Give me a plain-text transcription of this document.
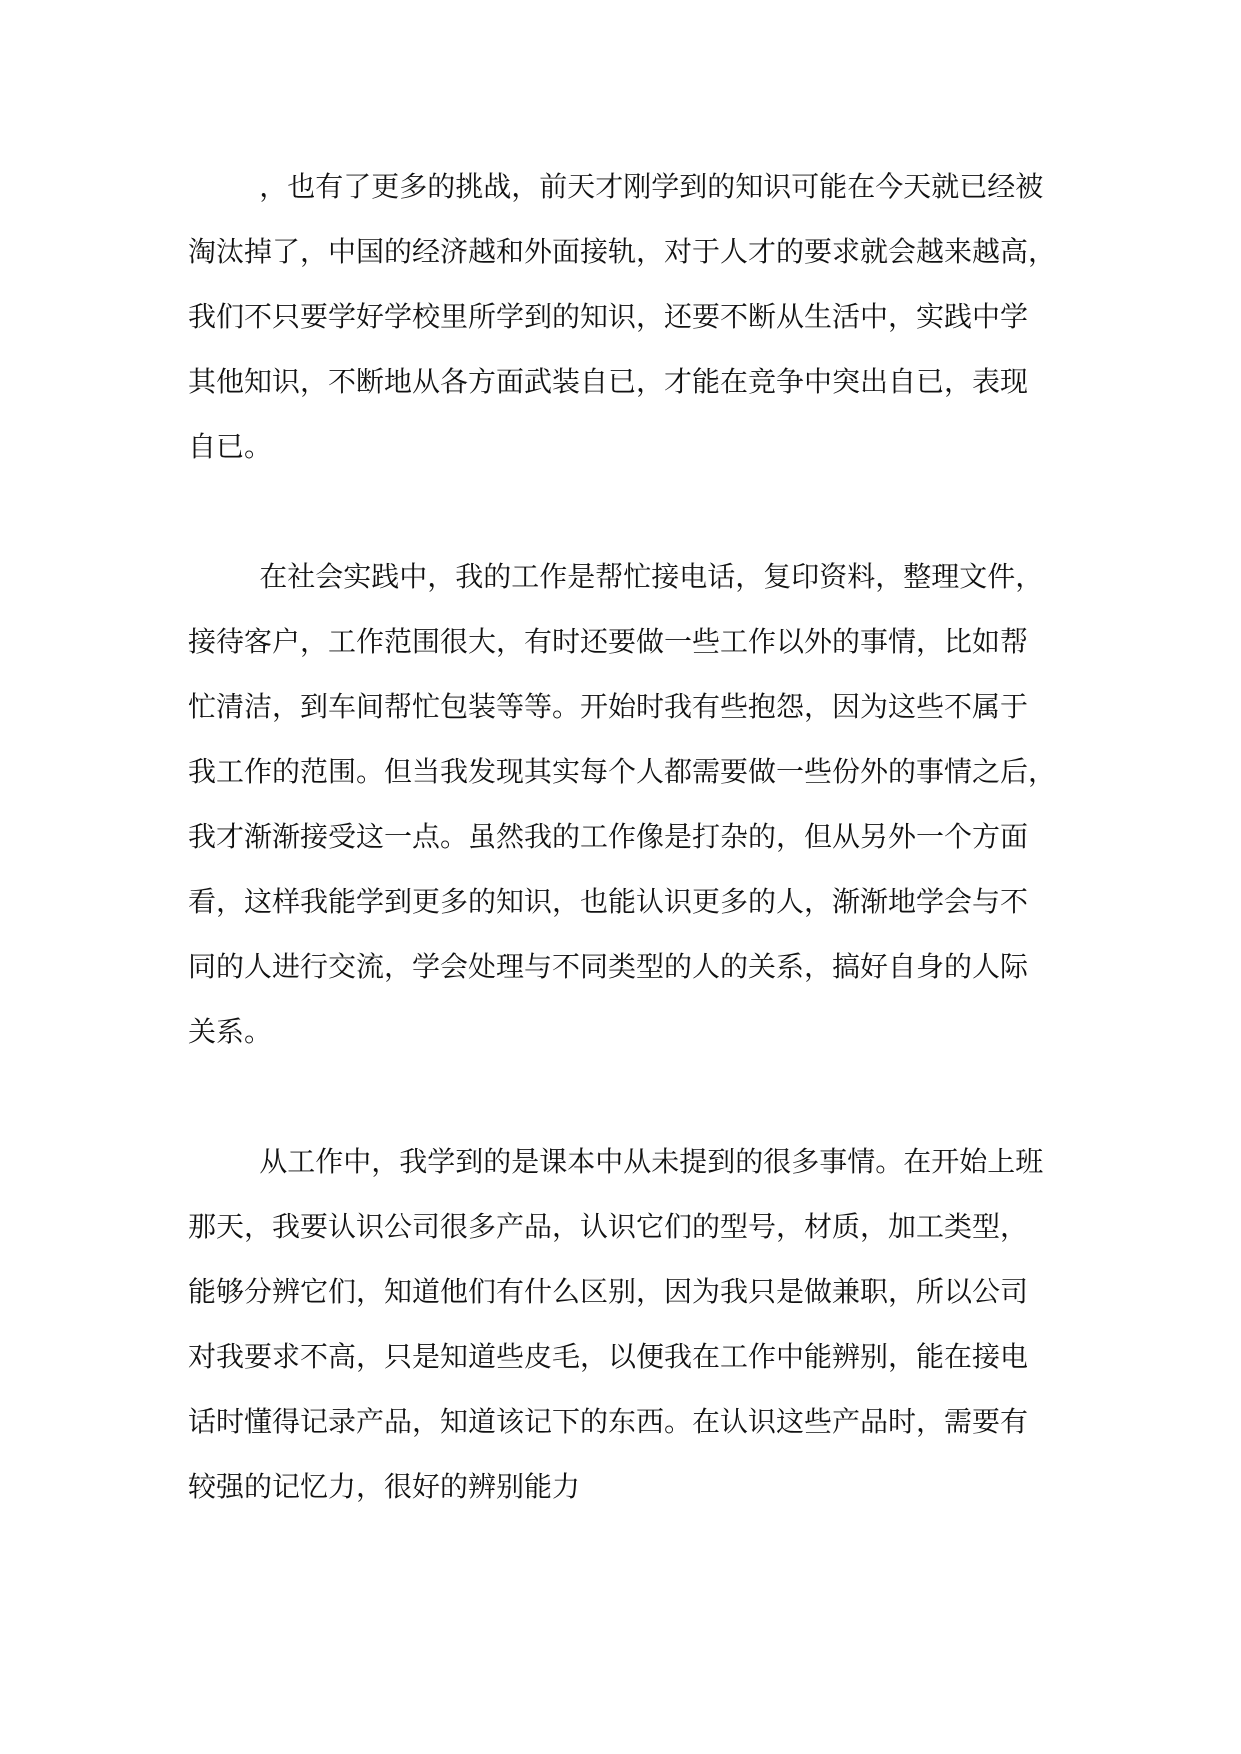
，也有了更多的挑战，前天才刚学到的知识可能在今天就已经被
淘汰掉了，中国的经济越和外面接轨，对于人才的要求就会越来越高，
我们不只要学好学校里所学到的知识，还要不断从生活中，实践中学
其他知识，不断地从各方面武装自已，才能在竞争中突出自已，表现
自已。

在社会实践中，我的工作是帮忙接电话，复印资料，整理文件，
接待客户，工作范围很大，有时还要做一些工作以外的事情，比如帮
忙清洁，到车间帮忙包装等等。开始时我有些抱怨，因为这些不属于
我工作的范围。但当我发现其实每个人都需要做一些份外的事情之后，
我才渐渐接受这一点。虽然我的工作像是打杂的，但从另外一个方面
看，这样我能学到更多的知识，也能认识更多的人，渐渐地学会与不
同的人进行交流，学会处理与不同类型的人的关系，搞好自身的人际
关系。

从工作中，我学到的是课本中从未提到的很多事情。在开始上班
那天，我要认识公司很多产品，认识它们的型号，材质，加工类型，
能够分辨它们，知道他们有什么区别，因为我只是做兼职，所以公司
对我要求不高，只是知道些皮毛，以便我在工作中能辨别，能在接电
话时懂得记录产品，知道该记下的东西。在认识这些产品时，需要有
较强的记忆力，很好的辨别能力
